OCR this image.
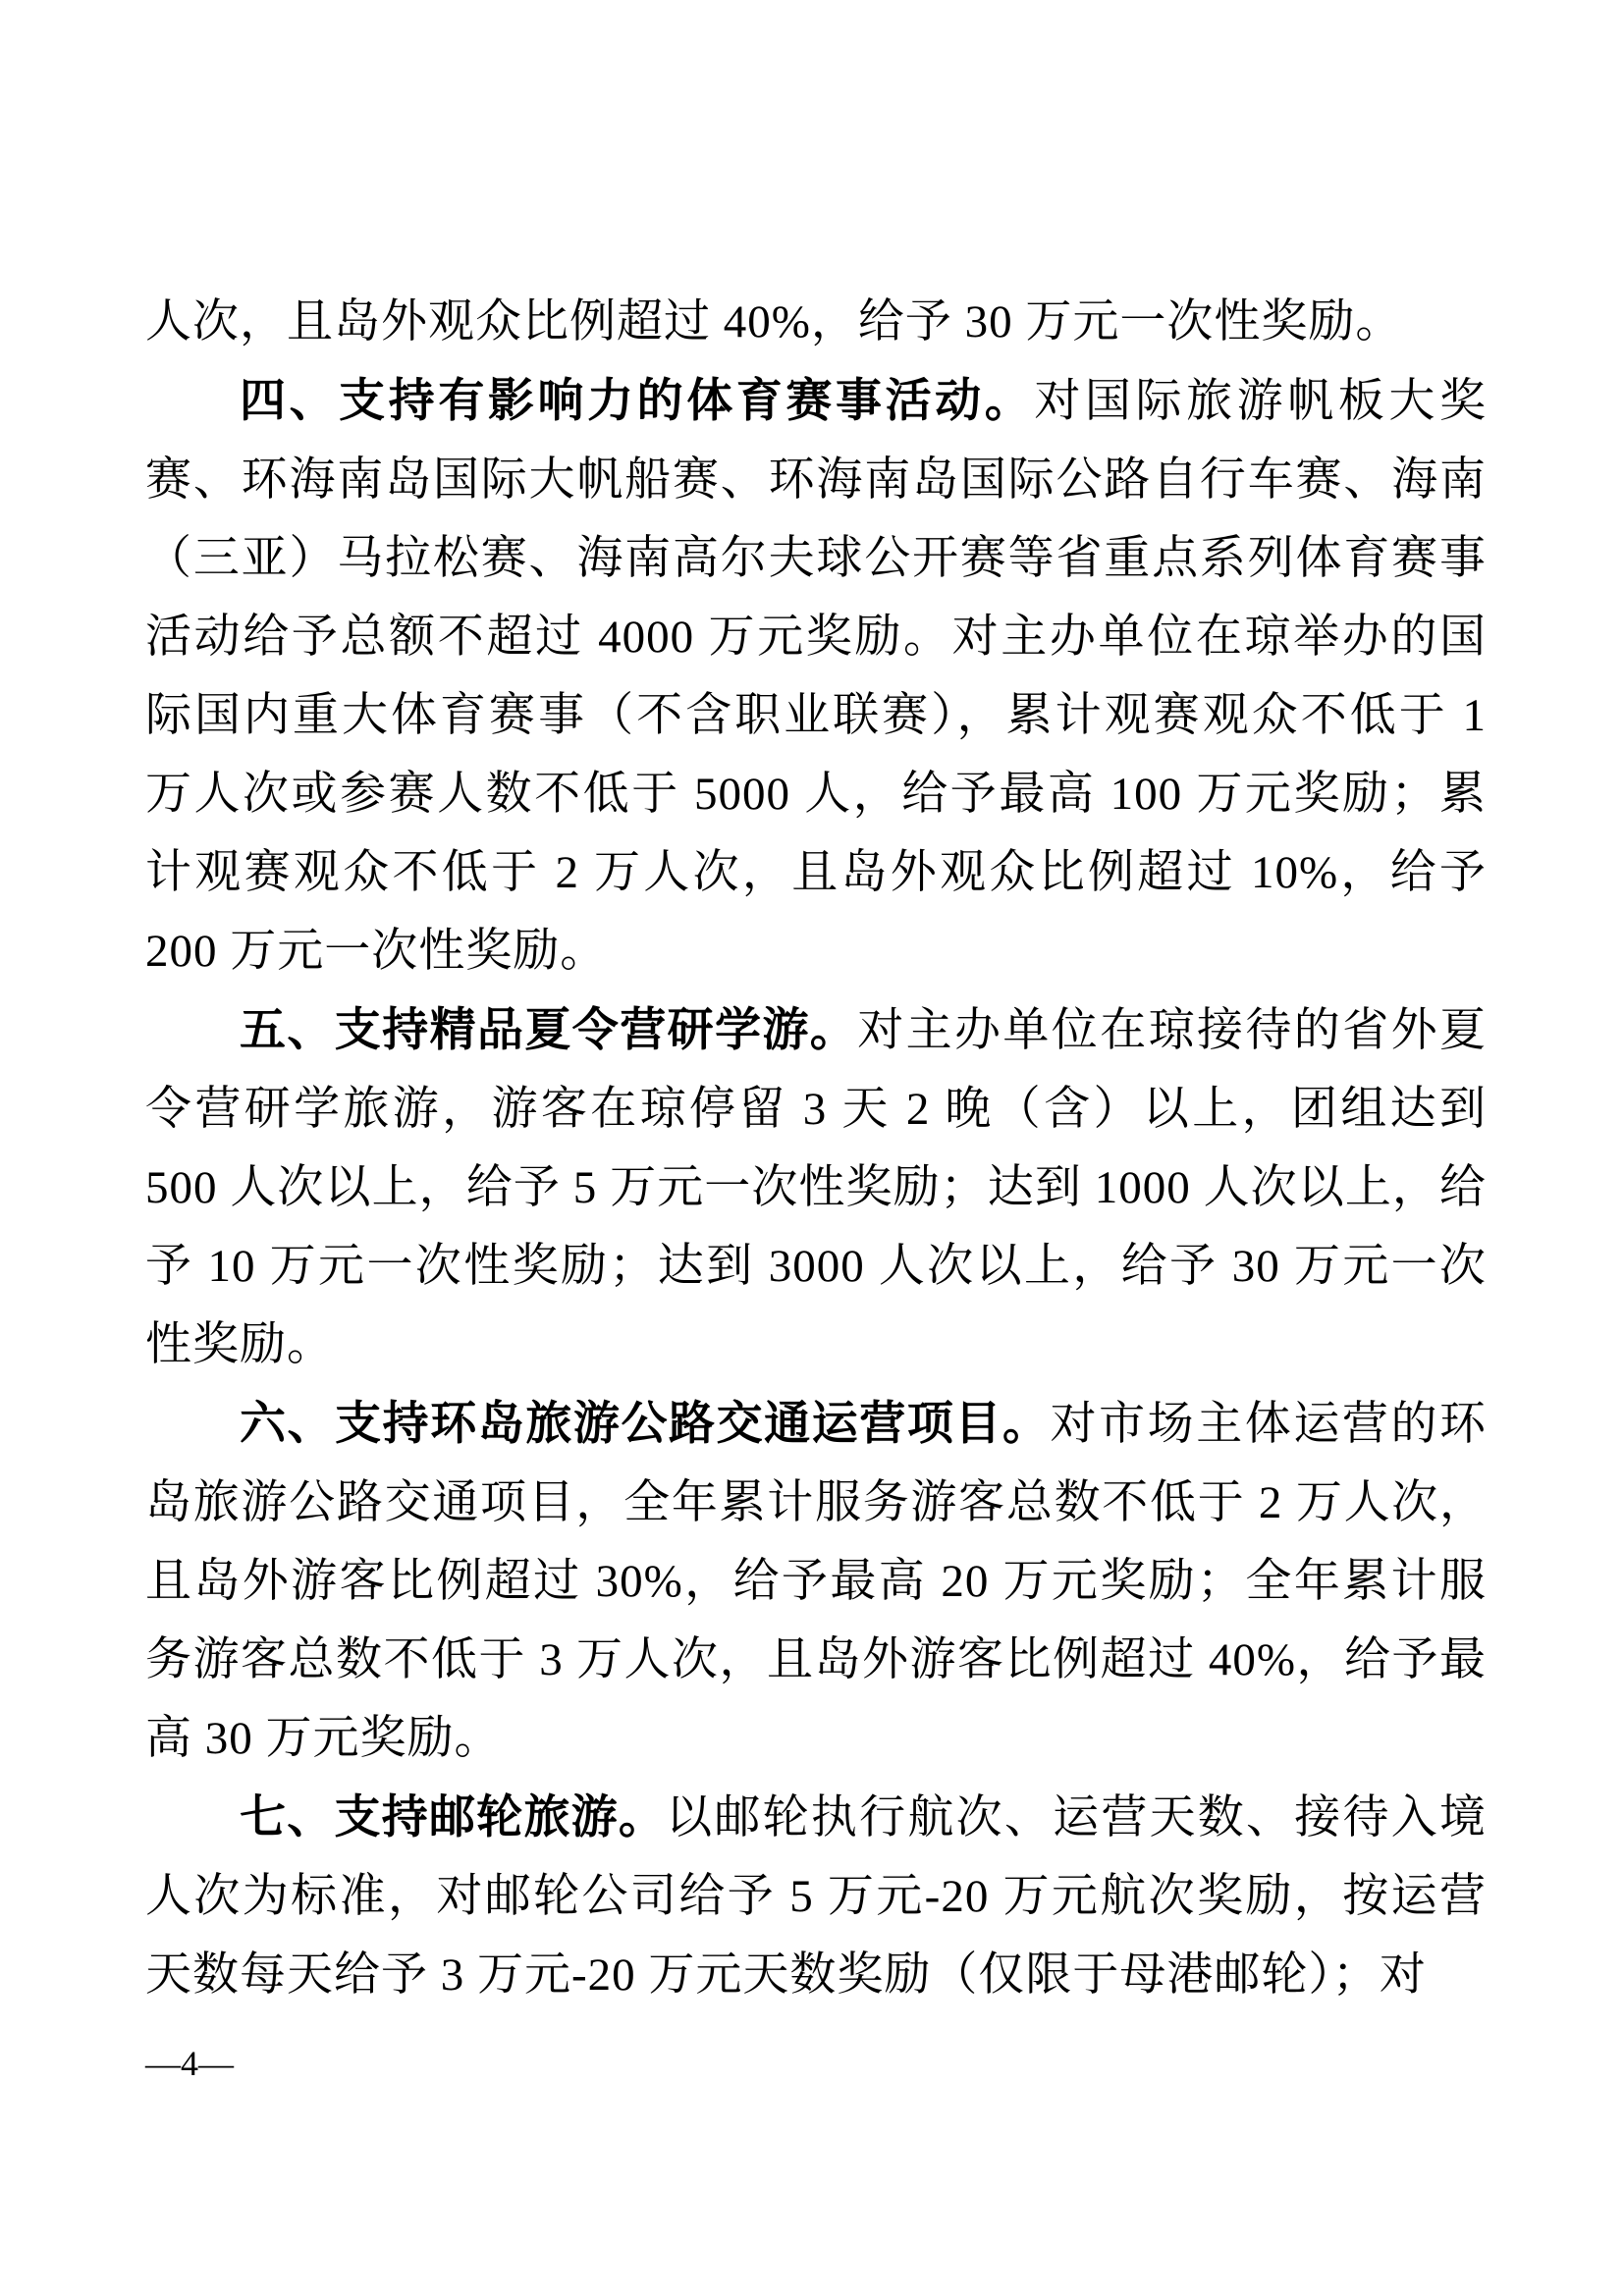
人次，且岛外观众比例超过 40%，给予 30 万元一次性奖励。

四、支持有影响力的体育赛事活动。对国际旅游帆板大奖赛、环海南岛国际大帆船赛、环海南岛国际公路自行车赛、海南（三亚）马拉松赛、海南高尔夫球公开赛等省重点系列体育赛事活动给予总额不超过 4000 万元奖励。对主办单位在琼举办的国际国内重大体育赛事（不含职业联赛），累计观赛观众不低于 1 万人次或参赛人数不低于 5000 人，给予最高 100 万元奖励；累计观赛观众不低于 2 万人次，且岛外观众比例超过 10%，给予 200 万元一次性奖励。

五、支持精品夏令营研学游。对主办单位在琼接待的省外夏令营研学旅游，游客在琼停留 3 天 2 晚（含）以上，团组达到 500 人次以上，给予 5 万元一次性奖励；达到 1000 人次以上，给予 10 万元一次性奖励；达到 3000 人次以上，给予 30 万元一次性奖励。

六、支持环岛旅游公路交通运营项目。对市场主体运营的环岛旅游公路交通项目，全年累计服务游客总数不低于 2 万人次，且岛外游客比例超过 30%，给予最高 20 万元奖励；全年累计服务游客总数不低于 3 万人次，且岛外游客比例超过 40%，给予最高 30 万元奖励。

七、支持邮轮旅游。以邮轮执行航次、运营天数、接待入境人次为标准，对邮轮公司给予 5 万元-20 万元航次奖励，按运营天数每天给予 3 万元-20 万元天数奖励（仅限于母港邮轮）；对

—4—
